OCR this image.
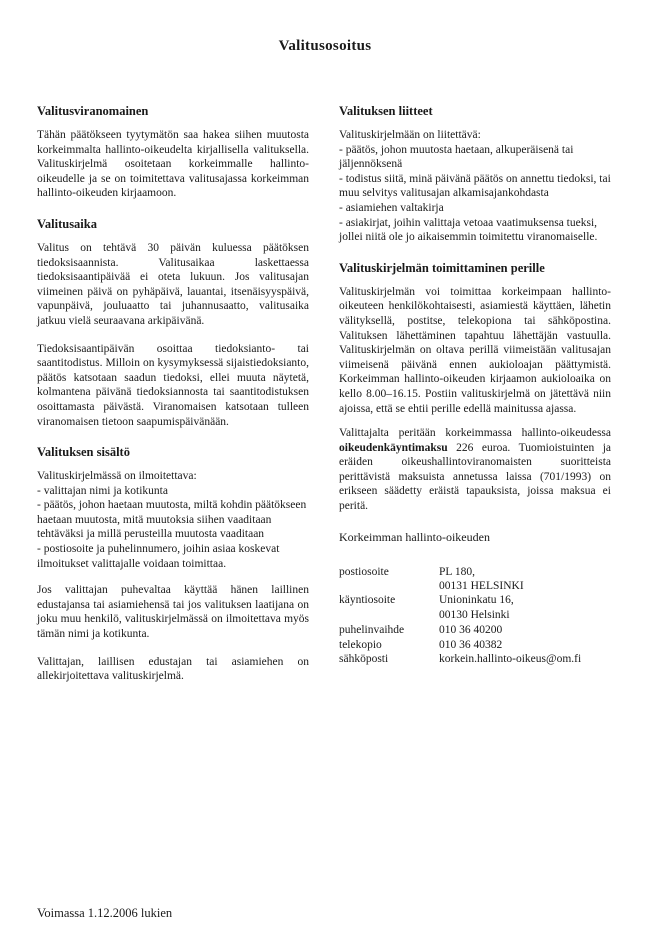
Valitusosoitus
Valitusviranomainen

Tähän päätökseen tyytymätön saa hakea siihen muutosta korkeimmalta hallinto-oikeudelta kirjallisella valituksella. Valituskirjelmä osoitetaan korkeimmalle hallinto-oikeudelle ja se on toimitettava valitusajassa korkeimman hallinto-oikeuden kirjaamoon.

Valitusaika

Valitus on tehtävä 30 päivän kuluessa päätöksen tiedoksisaannista. Valitusaikaa laskettaessa tiedoksisaantipäivää ei oteta lukuun. Jos valitusajan viimeinen päivä on pyhäpäivä, lauantai, itsenäisyyspäivä, vapunpäivä, jouluaatto tai juhannusaatto, valitusaika jatkuu vielä seuraavana arkipäivänä.

Tiedoksisaantipäivän osoittaa tiedoksianto- tai saantitodistus. Milloin on kysymyksessä sijaistiedoksianto, päätös katsotaan saadun tiedoksi, ellei muuta näytetä, kolmantena päivänä tiedoksiannosta tai saantitodistuksen osoittamasta päivästä. Viranomaisen katsotaan tulleen viranomaisen tietoon saapumispäivänään.

Valituksen sisältö
Valituskirjelmässä on ilmoitettava:
- valittajan nimi ja kotikunta
- päätös, johon haetaan muutosta, miltä kohdin päätökseen haetaan muutosta, mitä muutoksia siihen vaaditaan tehtäväksi ja millä perusteilla muutosta vaaditaan
- postiosoite ja puhelinnumero, joihin asiaa koskevat ilmoitukset valittajalle voidaan toimittaa.

Jos valittajan puhevaltaa käyttää hänen laillinen edustajansa tai asiamiehensä tai jos valituksen laatijana on joku muu henkilö, valituskirjelmässä on ilmoitettava myös tämän nimi ja kotikunta.

Valittajan, laillisen edustajan tai asiamiehen on allekirjoitettava valituskirjelmä.

Valituksen liitteet
Valituskirjelmään on liitettävä:
- päätös, johon muutosta haetaan, alkuperäisenä tai jäljennöksenä
- todistus siitä, minä päivänä päätös on annettu tiedoksi, tai muu selvitys valitusajan alkamisajankohdasta
- asiamiehen valtakirja
- asiakirjat, joihin valittaja vetoaa vaatimuksensa tueksi, jollei niitä ole jo aikaisemmin toimitettu viranomaiselle.
Valituskirjelmän toimittaminen perille

Valituskirjelmän voi toimittaa korkeimpaan hallinto-oikeuteen henkilökohtaisesti, asiamiestä käyttäen, lähetin välityksellä, postitse, telekopiona tai sähköpostina. Valituksen lähettäminen tapahtuu lähettäjän vastuulla. Valituskirjelmän on oltava perillä viimeistään valitusajan viimeisenä päivänä ennen aukioloajan päättymistä. Korkeimman hallinto-oikeuden kirjaamon aukioloaika on kello 8.00–16.15. Postiin valituskirjelmä on jätettävä niin ajoissa, että se ehtii perille edellä mainitussa ajassa.

Valittajalta peritään korkeimmassa hallinto-oikeudessa oikeudenkäyntimaksu 226 euroa. Tuomioistuinten ja eräiden oikeushallintoviranomaisten suoritteista perittävistä maksuista annetussa laissa (701/1993) on erikseen säädetty eräistä tapauksista, joissa maksua ei peritä.

Korkeimman hallinto-oikeuden
postiosoite	PL 180,
	00131 HELSINKI
käyntiosoite	Unioninkatu 16,
	00130 Helsinki
puhelinvaihde	010 36 40200
telekopio	010 36 40382
sähköposti	korkein.hallinto-oikeus@om.fi
Voimassa 1.12.2006 lukien
